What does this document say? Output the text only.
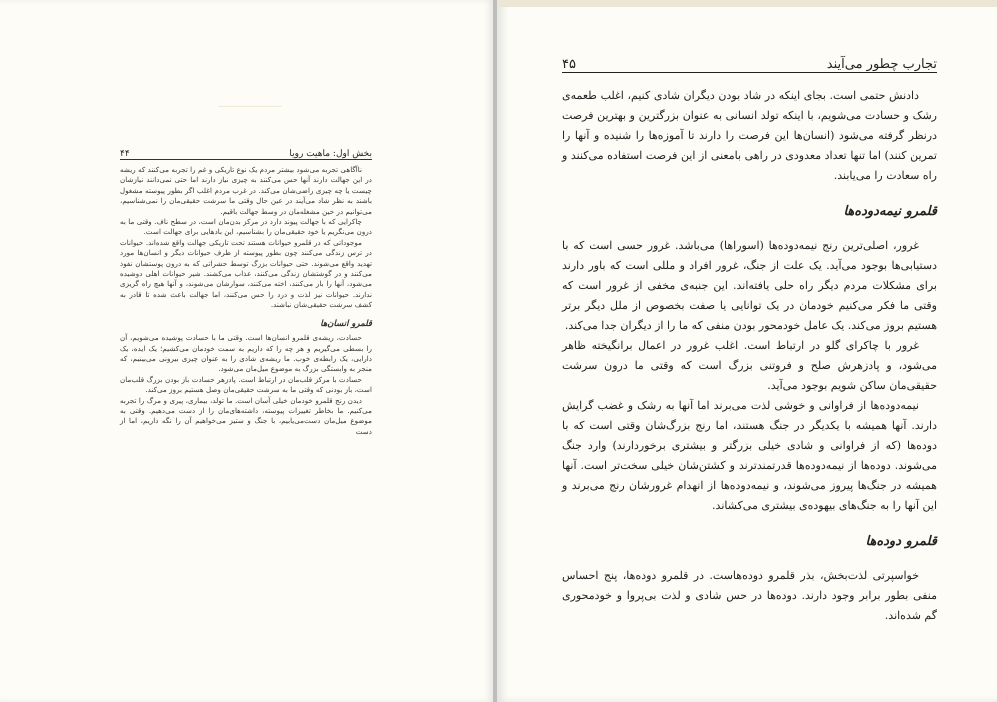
ــــــــــــــــــ
بخش اول: ماهیت رویا
۴۴

ناآگاهی تجربه می‌شود بیشتر مردم یک نوع تاریکی و غم را تجربه می‌کنند که ریشه در این جهالت دارند آنها حس می‌کنند به چیزی نیاز دارند اما حتی نمی‌دانند نیازشان چیست یا چه چیزی راضی‌شان می‌کند. در غرب مردم اغلب اگر بطور پیوسته مشغول باشند به نظر شاد می‌آیند در عین حال وقتی ما سرشت حقیقی‌مان را نمی‌شناسیم، می‌توانیم در حین مشغله‌مان در وسط جهالت باقیم.

چاکرایی که با جهالت پیوند دارد در مرکز بدن‌مان است، در سطح ناف. وقتی ما به درون می‌نگریم یا خود حقیقی‌مان را بشناسیم، این بادهایی برای جهالت است.

موجوداتی که در قلمرو حیوانات هستند تحت تاریکی جهالت واقع شده‌اند. حیوانات در ترس زندگی می‌کنند چون بطور پیوسته از طرف حیوانات دیگر و انسان‌ها مورد تهدید واقع می‌شوند. حتی حیوانات بزرگ توسط حشراتی که به درون پوستشان نفوذ می‌کنند و در گوشتشان زندگی می‌کنند، عذاب می‌کشند. شیر حیوانات اهلی دوشیده می‌شود، آنها را بار می‌کنند، اخته می‌کنند، سوارشان می‌شوند، و آنها هیچ راه گریزی ندارند. حیوانات نیز لذت و درد را حس می‌کنند، اما جهالت باعث شده تا قادر به کشف سرشت حقیقی‌شان نباشند.

قلمرو انسان‌ها

حسادت، ریشه‌ی قلمرو انسان‌ها است. وقتی ما با حسادت پوشیده می‌شویم، آن را بسطی می‌گیریم و هر چه را که داریم به سمت خودمان می‌کشیم؛ یک ایده، یک دارایی، یک رابطه‌ی خوب. ما ریشه‌ی شادی را به عنوان چیزی بیرونی می‌بینیم، که منجر به وابستگی بزرگ به موضوع میل‌مان می‌شود.

حسادت با مرکز قلب‌مان در ارتباط است. پادزهر حسادت باز بودن بزرگ قلب‌مان است، باز بودنی که وقتی ما به سرشت حقیقی‌مان وصل هستیم بروز می‌کند.

دیدن رنج قلمرو خودمان خیلی آسان است. ما تولد، بیماری، پیری و مرگ را تجربه می‌کنیم. ما بخاطر تغییرات پیوسته، داشته‌های‌مان را از دست می‌دهیم. وقتی به موضوع میل‌مان دست‌می‌یابیم، با جنگ و ستیز می‌خواهیم آن را نگه داریم، اما از دست

تجارب چطور می‌آیند
۴۵

دادنش حتمی است. بجای اینکه در شاد بودن دیگران شادی کنیم، اغلب طعمه‌ی رشک و حسادت می‌شویم، با اینکه تولد انسانی به عنوان بزرگترین و بهترین فرصت درنظر گرفته می‌شود (انسان‌ها این فرصت را دارند تا آموزه‌ها را شنیده و آنها را تمرین کنند) اما تنها تعداد معدودی در راهی بامعنی از این فرصت استفاده می‌کنند و راه سعادت را می‌یابند.

قلمرو نیمه‌دوده‌ها

غرور، اصلی‌ترین رنج نیمه‌دوده‌ها (اسوراها) می‌باشد. غرور حسی است که با دستیابی‌ها بوجود می‌آید. یک علت از جنگ، غرور افراد و مللی است که باور دارند برای مشکلات مردم دیگر راه حلی یافته‌اند. این جنبه‌ی مخفی از غرور است که وقتی ما فکر می‌کنیم خودمان در یک توانایی یا صفت بخصوص از ملل دیگر برتر هستیم بروز می‌کند. یک عامل خودمحور بودن منفی که ما را از دیگران جدا می‌کند.

غرور با چاکرای گلو در ارتباط است. اغلب غرور در اعمال برانگیخته ظاهر می‌شود، و پادزهرش صلح و فروتنی بزرگ است که وقتی ما درون سرشت حقیقی‌مان ساکن شویم بوجود می‌آید.

نیمه‌دوده‌ها از فراوانی و خوشی لذت می‌برند اما آنها به رشک و غضب گرایش دارند. آنها همیشه با یکدیگر در جنگ هستند، اما رنج بزرگ‌شان وقتی است که با دوده‌ها (که از فراوانی و شادی خیلی بزرگتر و بیشتری برخوردارند) وارد جنگ می‌شوند. دوده‌ها از نیمه‌دوده‌ها قدرتمندترند و کشتن‌شان خیلی سخت‌تر است. آنها همیشه در جنگ‌ها پیروز می‌شوند، و نیمه‌دوده‌ها از انهدام غرورشان رنج می‌برند و این آنها را به جنگ‌های بیهوده‌ی بیشتری می‌کشاند.

قلمرو دوده‌ها

خواسپرتی لذت‌بخش، بذر قلمرو دوده‌هاست. در قلمرو دوده‌ها، پنج احساس منفی بطور برابر وجود دارند. دوده‌ها در حس شادی و لذت بی‌پروا و خودمحوری گم شده‌اند.
